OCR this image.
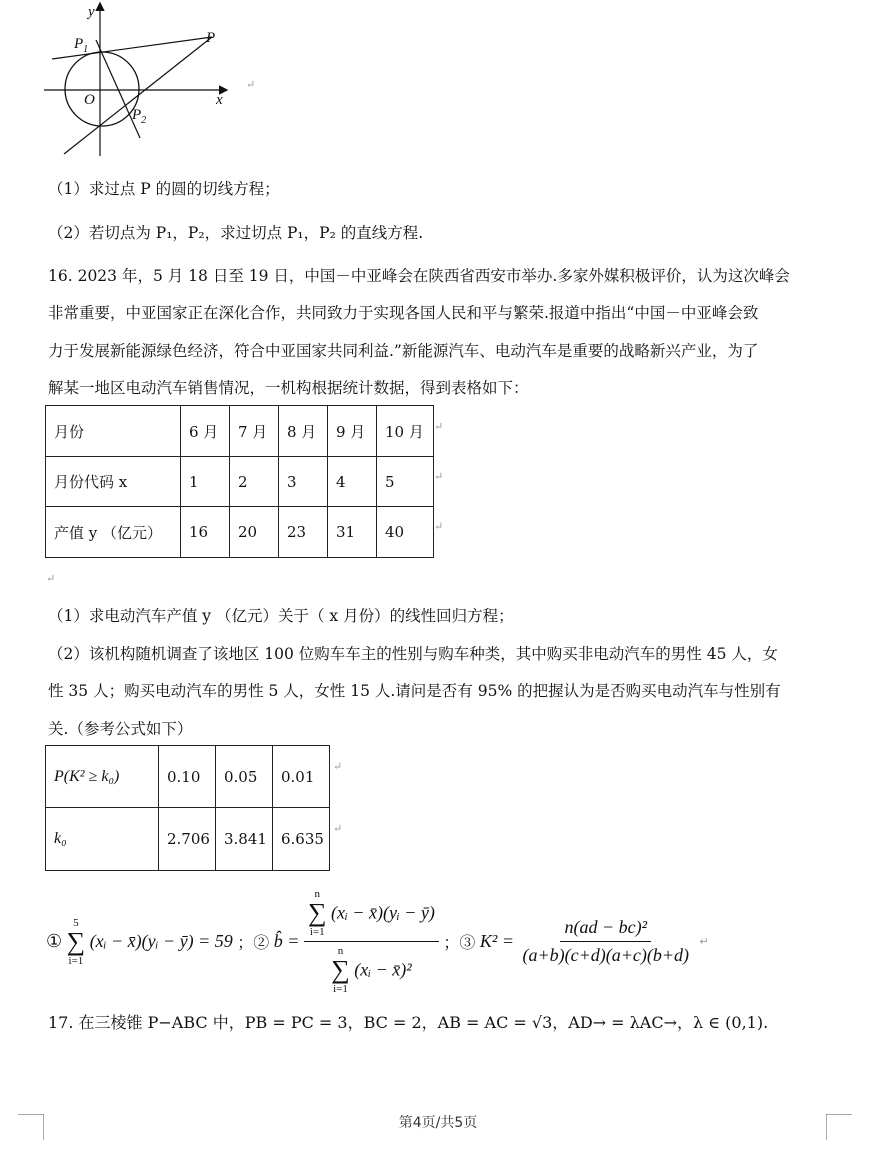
y
x
O
P
$P_1$
$P_2$
↵
（1）求过点 P 的圆的切线方程；
（2）若切点为 P₁，P₂，求过切点 P₁，P₂ 的直线方程.
16. 2023 年，5 月 18 日至 19 日，中国－中亚峰会在陕西省西安市举办.多家外媒积极评价，认为这次峰会
非常重要，中亚国家正在深化合作，共同致力于实现各国人民和平与繁荣.报道中指出“中国－中亚峰会致
力于发展新能源绿色经济，符合中亚国家共同利益.”新能源汽车、电动汽车是重要的战略新兴产业，为了
解某一地区电动汽车销售情况，一机构根据统计数据，得到表格如下：
月份	6 月	7 月	8 月	9 月	10 月
月份代码 x	1	2	3	4	5
产值 y （亿元）	16	20	23	31	40
↵
↵
↵
↵
（1）求电动汽车产值 y （亿元）关于（ x 月份）的线性回归方程；
（2）该机构随机调查了该地区 100 位购车车主的性别与购车种类，其中购买非电动汽车的男性 45 人，女
性 35 人；购买电动汽车的男性 5 人，女性 15 人.请问是否有 95% 的把握认为是否购买电动汽车与性别有
关.（参考公式如下）
P(K² ≥ k₀)	0.10	0.05	0.01
k₀	2.706	3.841	6.635
↵
↵
①
5
∑
i=1
(xᵢ − x̄)(yᵢ − ȳ) = 59 ；② b̂ = n
∑
i=1
(xᵢ − x̄)(yᵢ − ȳ)
n
∑
i=1
(xᵢ − x̄)² ；③ $K^2 = \frac{\text{n(ad − bc)²}}{(a+b)(c+d)(a+c)(b+d)}$ ↵
17. 在三棱锥 P−ABC 中，PB = PC = 3，BC = 2，AB = AC = √3，AD→ = λAC→，λ ∈ (0,1).
第4页/共5页
